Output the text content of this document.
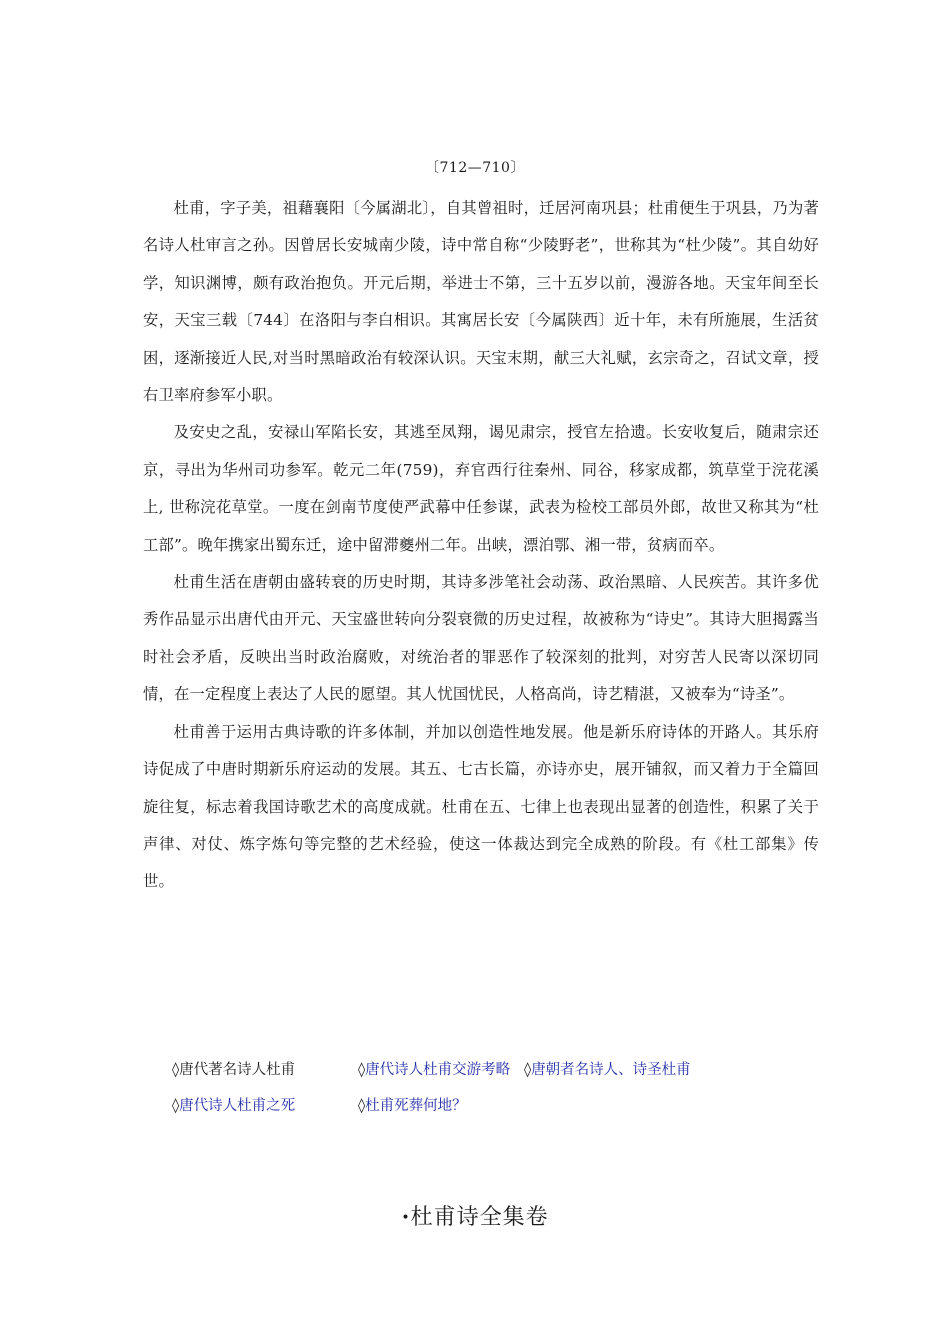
〔712—710〕

杜甫，字子美，祖藉襄阳〔今属湖北〕，自其曾祖时，迁居河南巩县；杜甫便生于巩县，乃为著名诗人杜审言之孙。因曾居长安城南少陵，诗中常自称“少陵野老”，世称其为“杜少陵”。其自幼好学，知识渊博，颇有政治抱负。开元后期，举进士不第，三十五岁以前，漫游各地。天宝年间至长安，天宝三载〔744〕在洛阳与李白相识。其寓居长安〔今属陕西〕近十年，未有所施展，生活贫困，逐渐接近人民,对当时黑暗政治有较深认识。天宝末期，献三大礼赋，玄宗奇之，召试文章，授右卫率府参军小职。

及安史之乱，安禄山军陷长安，其逃至凤翔，谒见肃宗，授官左拾遗。长安收复后，随肃宗还京，寻出为华州司功参军。乾元二年(759)，弃官西行往秦州、同谷，移家成都，筑草堂于浣花溪上, 世称浣花草堂。一度在剑南节度使严武幕中任参谋，武表为检校工部员外郎，故世又称其为“杜工部”。晚年携家出蜀东迁，途中留滞夔州二年。出峡，漂泊鄂、湘一带，贫病而卒。

杜甫生活在唐朝由盛转衰的历史时期，其诗多涉笔社会动荡、政治黑暗、人民疾苦。其许多优秀作品显示出唐代由开元、天宝盛世转向分裂衰微的历史过程，故被称为“诗史”。其诗大胆揭露当时社会矛盾，反映出当时政治腐败，对统治者的罪恶作了较深刻的批判，对穷苦人民寄以深切同情，在一定程度上表达了人民的愿望。其人忧国忧民，人格高尚，诗艺精湛，又被奉为“诗圣”。

杜甫善于运用古典诗歌的许多体制，并加以创造性地发展。他是新乐府诗体的开路人。其乐府诗促成了中唐时期新乐府运动的发展。其五、七古长篇，亦诗亦史，展开铺叙，而又着力于全篇回旋往复，标志着我国诗歌艺术的高度成就。杜甫在五、七律上也表现出显著的创造性，积累了关于声律、对仗、炼字炼句等完整的艺术经验，使这一体裁达到完全成熟的阶段。有《杜工部集》传世。

◊唐代著名诗人杜甫	◊唐代诗人杜甫交游考略 ◊唐朝者名诗人、诗圣杜甫
◊唐代诗人杜甫之死	◊杜甫死葬何地？
•杜甫诗全集卷
